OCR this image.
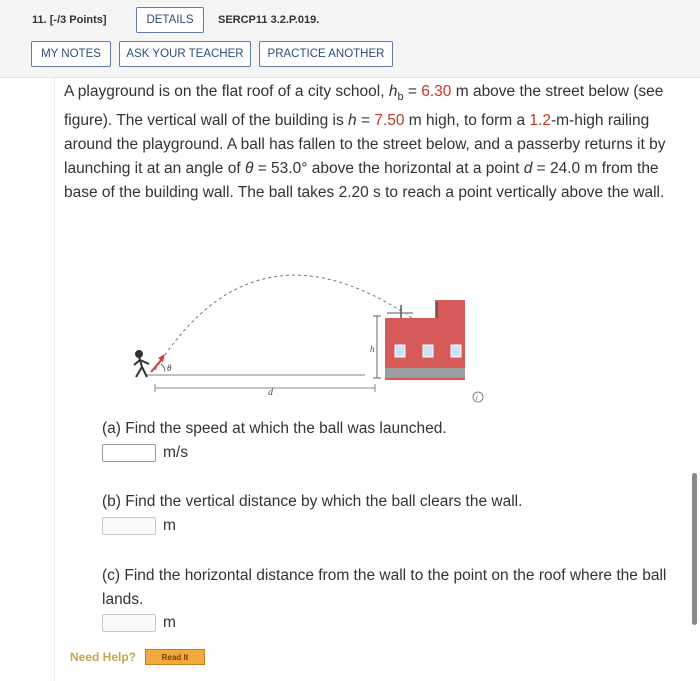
11. [-/3 Points]	DETAILS	SERCP11 3.2.P.019.
MY NOTES	ASK YOUR TEACHER	PRACTICE ANOTHER
A playground is on the flat roof of a city school, $h_b = 6.30$ m above the street below (see figure). The vertical wall of the building is h = 7.50 m high, to form a 1.2-m-high railing around the playground. A ball has fallen to the street below, and a passerby returns it by launching it at an angle of θ = 53.0° above the horizontal at a point d = 24.0 m from the base of the building wall. The ball takes 2.20 s to reach a point vertically above the wall.
d
θ
h
i
(a) Find the speed at which the ball was launched.
m/s
(b) Find the vertical distance by which the ball clears the wall.
m
(c) Find the horizontal distance from the wall to the point on the roof where the ball lands.
m
Need Help?	Read It
